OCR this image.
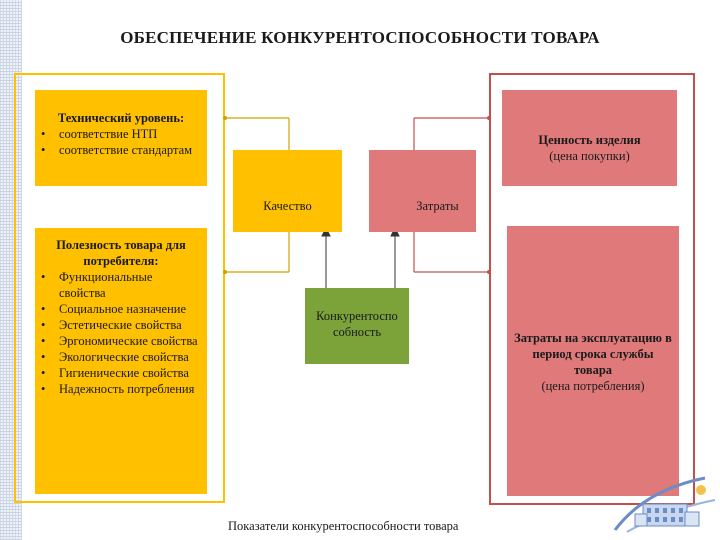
ОБЕСПЕЧЕНИЕ КОНКУРЕНТОСПОСОБНОСТИ ТОВАРА
Технический уровень:
• соответствие НТП
• соответствие стандартам
Полезность товара для потребителя:
• Функциональные свойства
• Социальное назначение
• Эстетические свойства
• Эргономические свойства
• Экологические свойства
• Гигиенические свойства
• Надежность потребления
Качество	Затраты
Конкурентоспо собность
Ценность изделия
(цена покупки)
Затраты на эксплуатацию в период срока службы товара
(цена потребления)
Показатели конкурентоспособности товара
